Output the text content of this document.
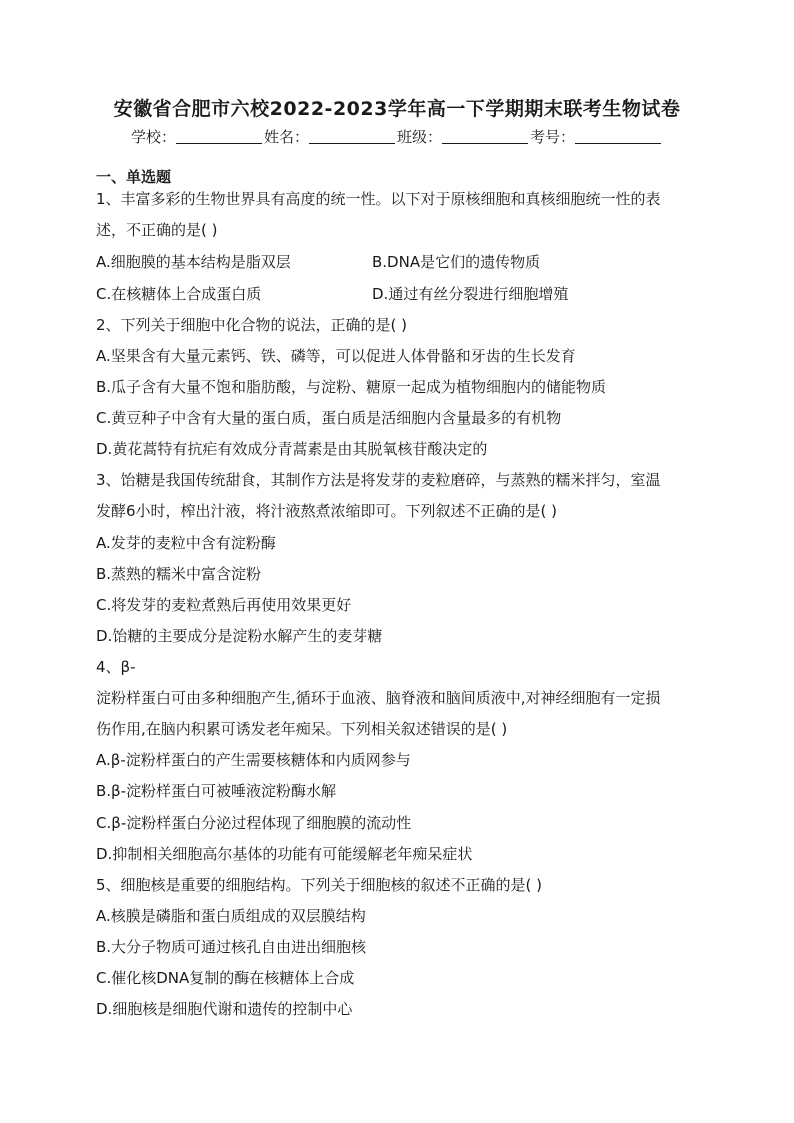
安徽省合肥市六校2022-2023学年高一下学期期末联考生物试卷
学校：	姓名：	班级：	考号：
一、单选题
1、丰富多彩的生物世界具有高度的统一性。以下对于原核细胞和真核细胞统一性的表
述，不正确的是( )
A.细胞膜的基本结构是脂双层	B.DNA是它们的遗传物质
C.在核糖体上合成蛋白质	D.通过有丝分裂进行细胞增殖
2、下列关于细胞中化合物的说法，正确的是( )
A.坚果含有大量元素钙、铁、磷等，可以促进人体骨骼和牙齿的生长发育
B.瓜子含有大量不饱和脂肪酸，与淀粉、糖原一起成为植物细胞内的储能物质
C.黄豆种子中含有大量的蛋白质，蛋白质是活细胞内含量最多的有机物
D.黄花蒿特有抗疟有效成分青蒿素是由其脱氧核苷酸决定的
3、饴糖是我国传统甜食，其制作方法是将发芽的麦粒磨碎，与蒸熟的糯米拌匀，室温
发酵6小时，榨出汁液，将汁液熬煮浓缩即可。下列叙述不正确的是( )
A.发芽的麦粒中含有淀粉酶
B.蒸熟的糯米中富含淀粉
C.将发芽的麦粒煮熟后再使用效果更好
D.饴糖的主要成分是淀粉水解产生的麦芽糖
4、β-
淀粉样蛋白可由多种细胞产生,循环于血液、脑脊液和脑间质液中,对神经细胞有一定损
伤作用,在脑内积累可诱发老年痴呆。下列相关叙述错误的是( )
A.β-淀粉样蛋白的产生需要核糖体和内质网参与
B.β-淀粉样蛋白可被唾液淀粉酶水解
C.β-淀粉样蛋白分泌过程体现了细胞膜的流动性
D.抑制相关细胞高尔基体的功能有可能缓解老年痴呆症状
5、细胞核是重要的细胞结构。下列关于细胞核的叙述不正确的是( )
A.核膜是磷脂和蛋白质组成的双层膜结构
B.大分子物质可通过核孔自由进出细胞核
C.催化核DNA复制的酶在核糖体上合成
D.细胞核是细胞代谢和遗传的控制中心
